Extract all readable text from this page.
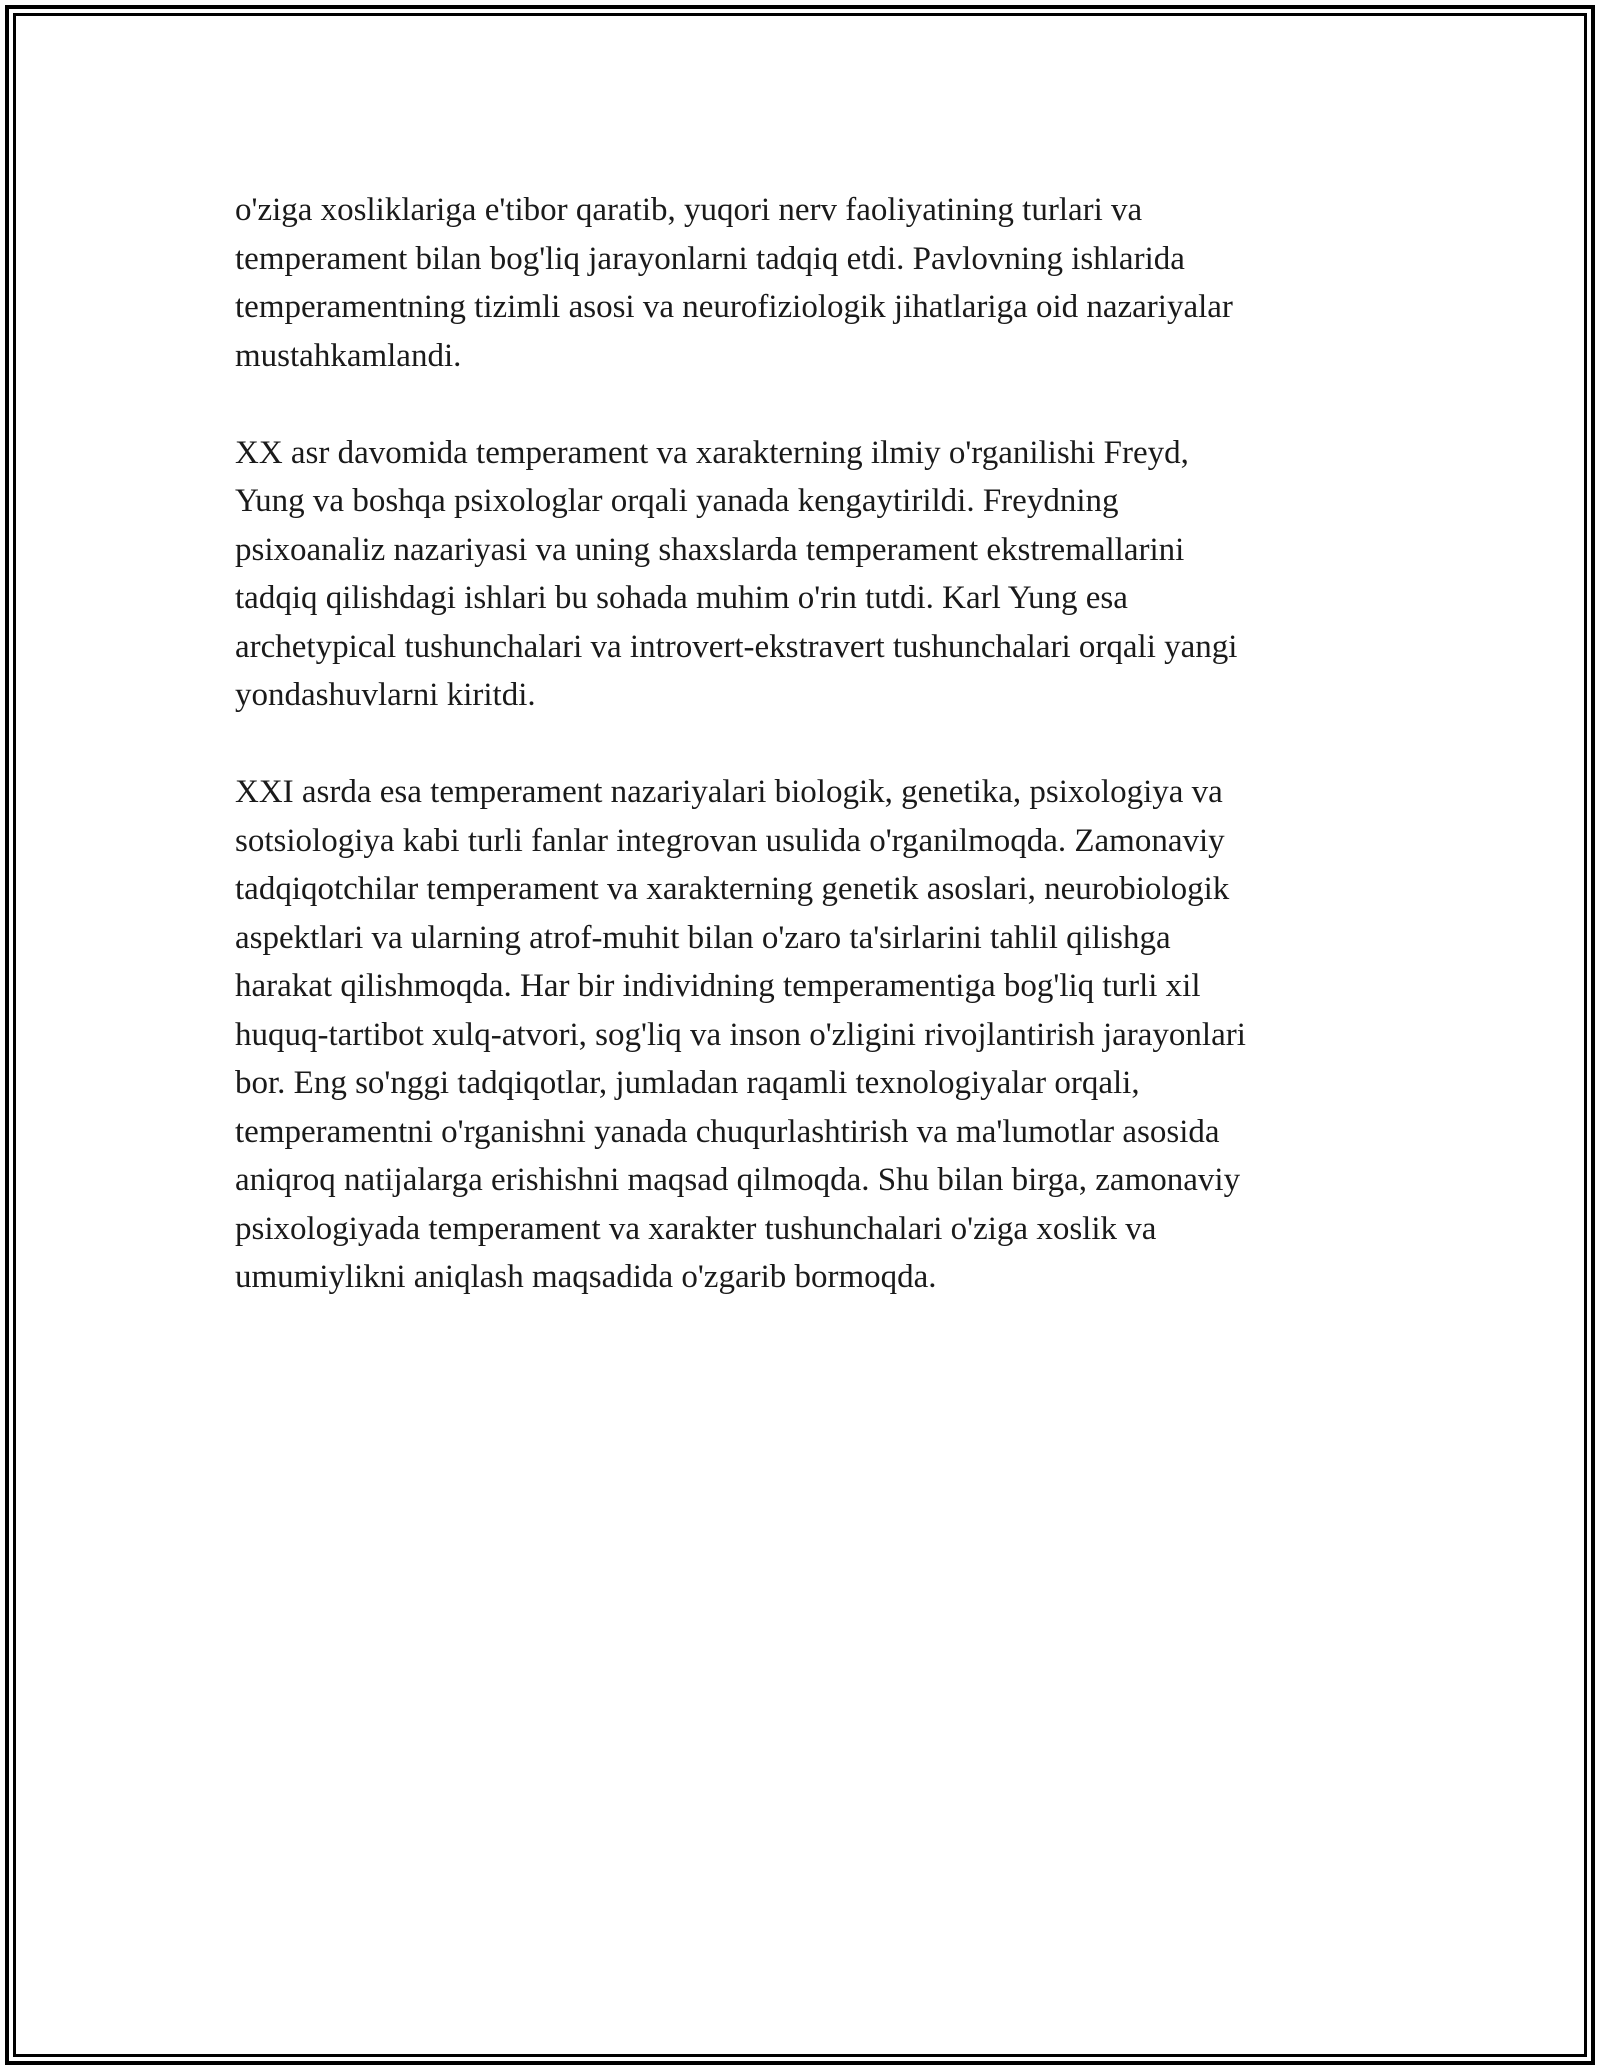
o'ziga xosliklariga e'tibor qaratib, yuqori nerv faoliyatining turlari va
temperament bilan bog'liq jarayonlarni tadqiq etdi. Pavlovning ishlarida
temperamentning tizimli asosi va neurofiziologik jihatlariga oid nazariyalar
mustahkamlandi.

XX asr davomida temperament va xarakterning ilmiy o'rganilishi Freyd,
Yung va boshqa psixologlar orqali yanada kengaytirildi. Freydning
psixoanaliz nazariyasi va uning shaxslarda temperament ekstremallarini
tadqiq qilishdagi ishlari bu sohada muhim o'rin tutdi. Karl Yung esa
archetypical tushunchalari va introvert-ekstravert tushunchalari orqali yangi
yondashuvlarni kiritdi.

XXI asrda esa temperament nazariyalari biologik, genetika, psixologiya va
sotsiologiya kabi turli fanlar integrovan usulida o'rganilmoqda. Zamonaviy
tadqiqotchilar temperament va xarakterning genetik asoslari, neurobiologik
aspektlari va ularning atrof-muhit bilan o'zaro ta'sirlarini tahlil qilishga
harakat qilishmoqda. Har bir individning temperamentiga bog'liq turli xil
huquq-tartibot xulq-atvori, sog'liq va inson o'zligini rivojlantirish jarayonlari
bor. Eng so'nggi tadqiqotlar, jumladan raqamli texnologiyalar orqali,
temperamentni o'rganishni yanada chuqurlashtirish va ma'lumotlar asosida
aniqroq natijalarga erishishni maqsad qilmoqda. Shu bilan birga, zamonaviy
psixologiyada temperament va xarakter tushunchalari o'ziga xoslik va
umumiylikni aniqlash maqsadida o'zgarib bormoqda.
